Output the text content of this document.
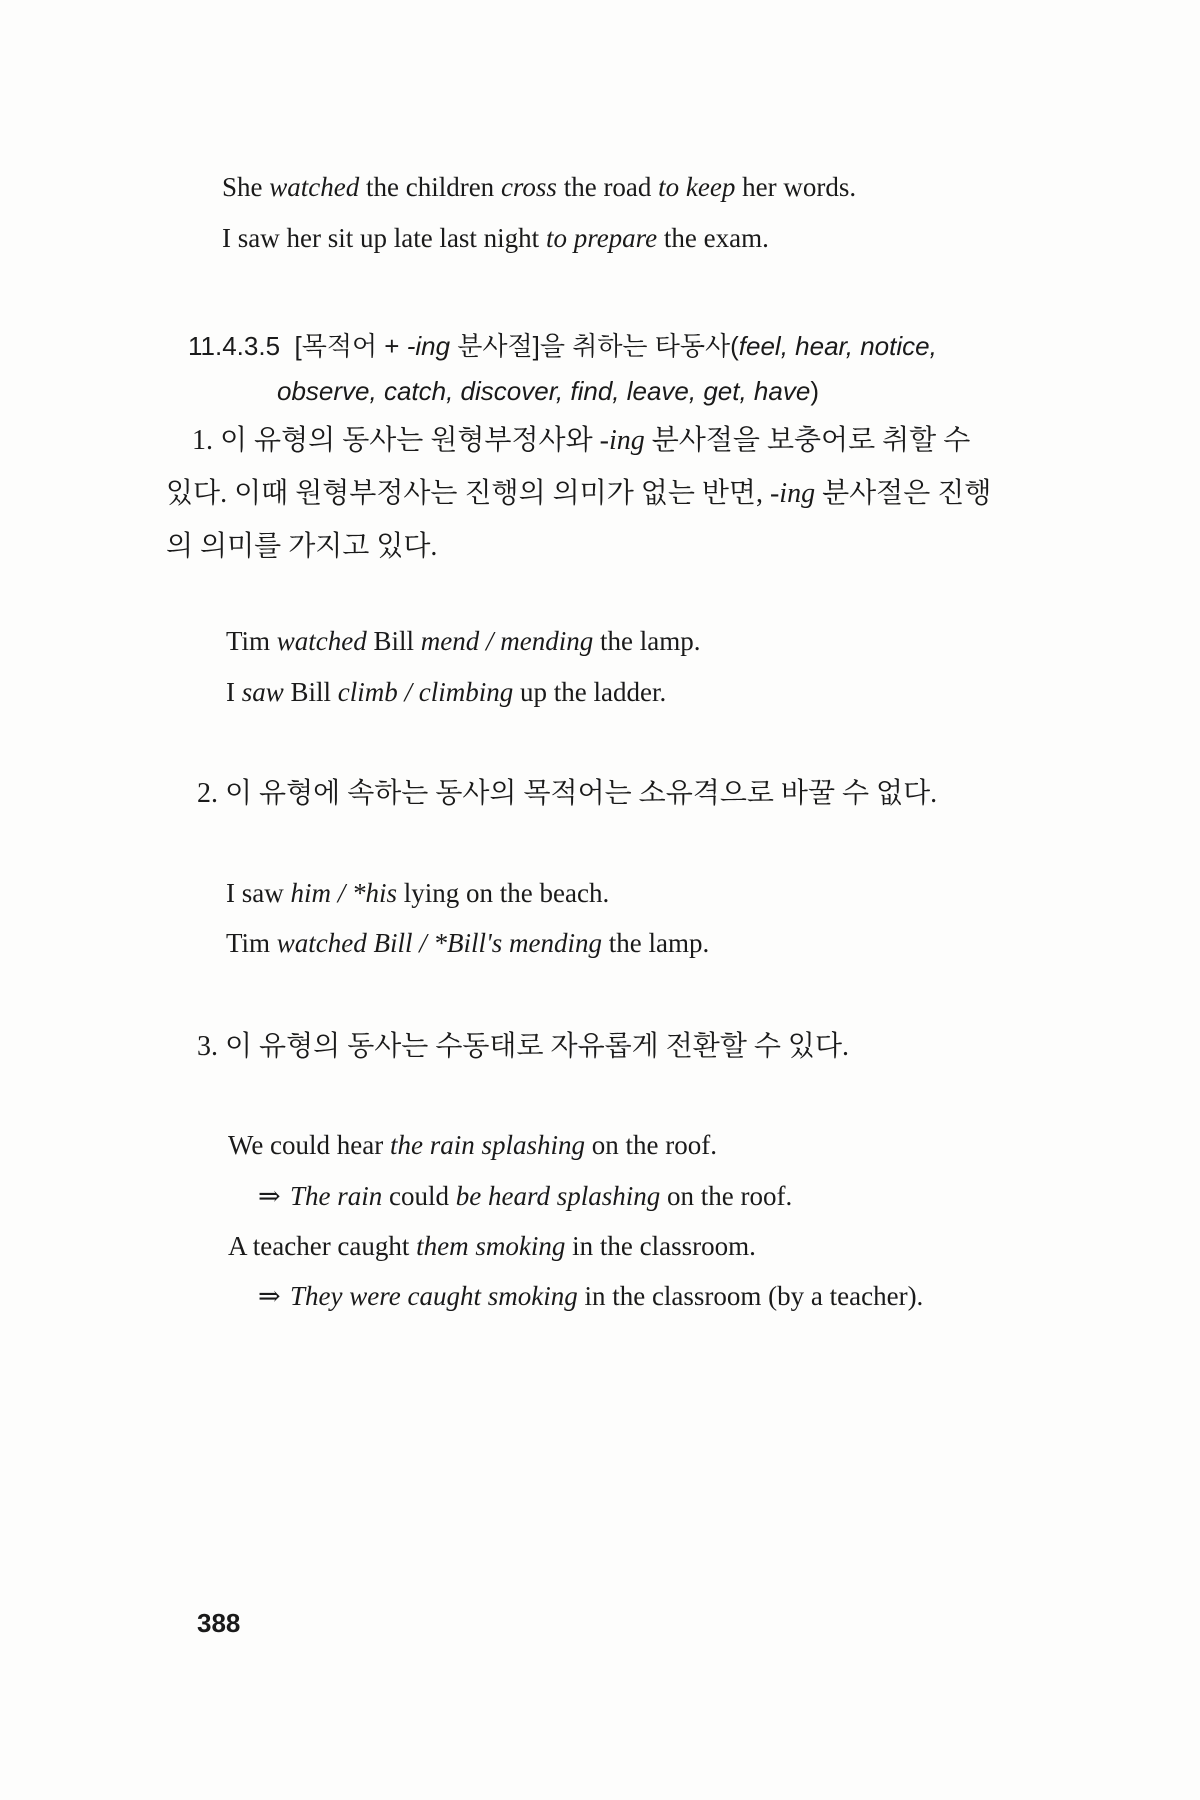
She watched the children cross the road to keep her words.
I saw her sit up late last night to prepare the exam.
11.4.3.5 [목적어 + -ing 분사절]을 취하는 타동사(feel, hear, notice,
observe, catch, discover, find, leave, get, have)
1. 이 유형의 동사는 원형부정사와 -ing 분사절을 보충어로 취할 수
있다. 이때 원형부정사는 진행의 의미가 없는 반면, -ing 분사절은 진행
의 의미를 가지고 있다.
Tim watched Bill mend / mending the lamp.
I saw Bill climb / climbing up the ladder.
2. 이 유형에 속하는 동사의 목적어는 소유격으로 바꿀 수 없다.
I saw him / *his lying on the beach.
Tim watched Bill / *Bill's mending the lamp.
3. 이 유형의 동사는 수동태로 자유롭게 전환할 수 있다.
We could hear the rain splashing on the roof.
⇒ The rain could be heard splashing on the roof.
A teacher caught them smoking in the classroom.
⇒ They were caught smoking in the classroom (by a teacher).
388
